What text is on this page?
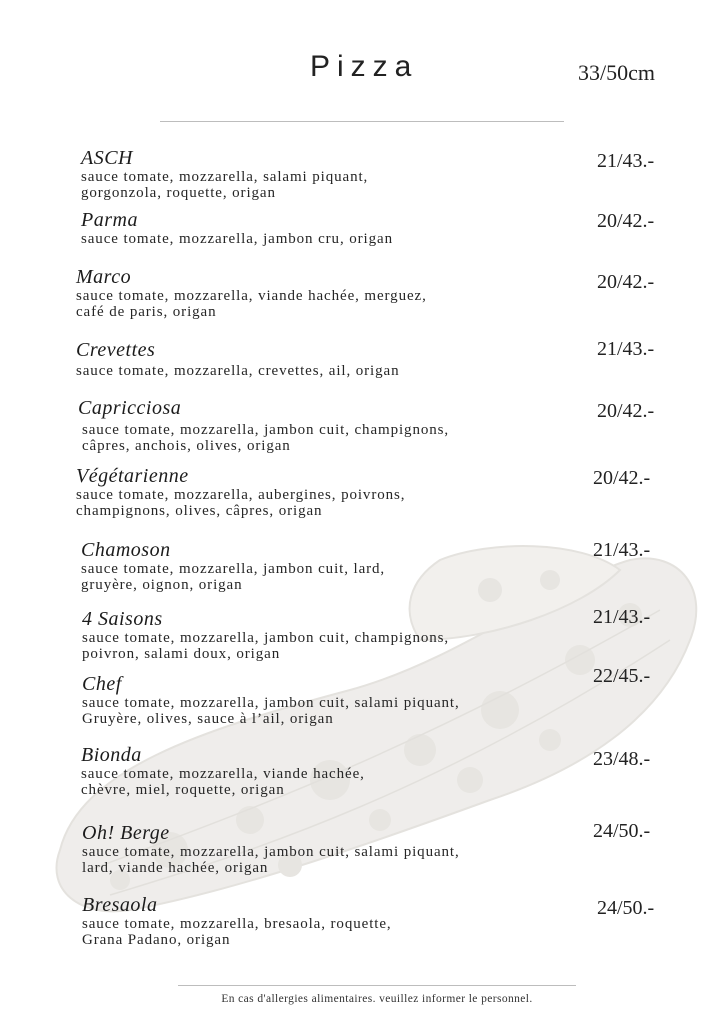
Pizza	33/50cm
ASCH
sauce tomate, mozzarella, salami piquant,
gorgonzola, roquette, origan
21/43.-
Parma
sauce tomate, mozzarella, jambon cru, origan
20/42.-
Marco
sauce tomate, mozzarella, viande hachée, merguez,
café de paris, origan
20/42.-
Crevettes
sauce tomate, mozzarella, crevettes, ail, origan
21/43.-
Capricciosa
sauce tomate, mozzarella, jambon cuit, champignons,
câpres, anchois, olives, origan
20/42.-
Végétarienne
sauce tomate, mozzarella, aubergines, poivrons,
champignons, olives, câpres, origan
20/42.-
Chamoson
sauce tomate, mozzarella, jambon cuit, lard,
gruyère, oignon, origan
21/43.-
4 Saisons
sauce tomate, mozzarella, jambon cuit, champignons,
poivron, salami doux, origan
21/43.-
Chef
sauce tomate, mozzarella, jambon cuit, salami piquant,
Gruyère, olives, sauce à l’ail, origan
22/45.-
Bionda
sauce tomate, mozzarella, viande hachée,
chèvre, miel, roquette, origan
23/48.-
Oh! Berge
sauce tomate, mozzarella, jambon cuit, salami piquant,
lard, viande hachée, origan
24/50.-
Bresaola
sauce tomate, mozzarella, bresaola, roquette,
Grana Padano, origan
24/50.-
En cas d'allergies alimentaires. veuillez informer le personnel.
